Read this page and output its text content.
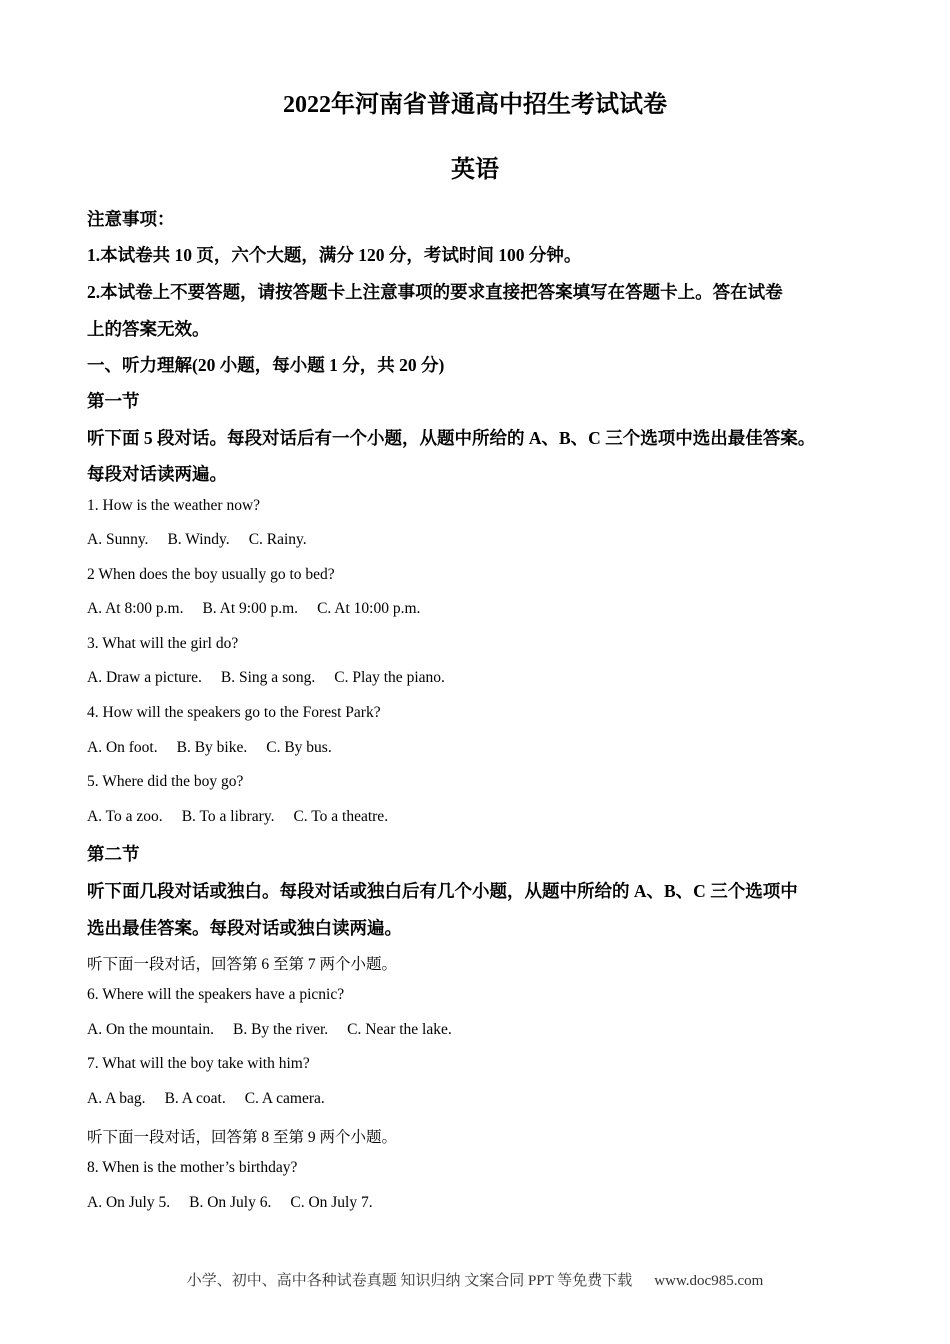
2022年河南省普通高中招生考试试卷
英语
注意事项：
1.本试卷共 10 页，六个大题，满分 120 分，考试时间 100 分钟。
2.本试卷上不要答题，请按答题卡上注意事项的要求直接把答案填写在答题卡上。答在试卷
上的答案无效。
一、听力理解(20 小题，每小题 1 分，共 20 分)
第一节
听下面 5 段对话。每段对话后有一个小题，从题中所给的 A、B、C 三个选项中选出最佳答案。
每段对话读两遍。
1. How is the weather now?
A. Sunny. B. Windy. C. Rainy.
2 When does the boy usually go to bed?
A. At 8:00 p.m. B. At 9:00 p.m. C. At 10:00 p.m.
3. What will the girl do?
A. Draw a picture. B. Sing a song. C. Play the piano.
4. How will the speakers go to the Forest Park?
A. On foot. B. By bike. C. By bus.
5. Where did the boy go?
A. To a zoo. B. To a library. C. To a theatre.
第二节
听下面几段对话或独白。每段对话或独白后有几个小题，从题中所给的 A、B、C 三个选项中
选出最佳答案。每段对话或独白读两遍。
听下面一段对话，回答第 6 至第 7 两个小题。
6. Where will the speakers have a picnic?
A. On the mountain. B. By the river. C. Near the lake.
7. What will the boy take with him?
A. A bag. B. A coat. C. A camera.
听下面一段对话，回答第 8 至第 9 两个小题。
8. When is the mother’s birthday?
A. On July 5. B. On July 6. C. On July 7.
小学、初中、高中各种试卷真题 知识归纳 文案合同 PPT 等免费下载 www.doc985.com
